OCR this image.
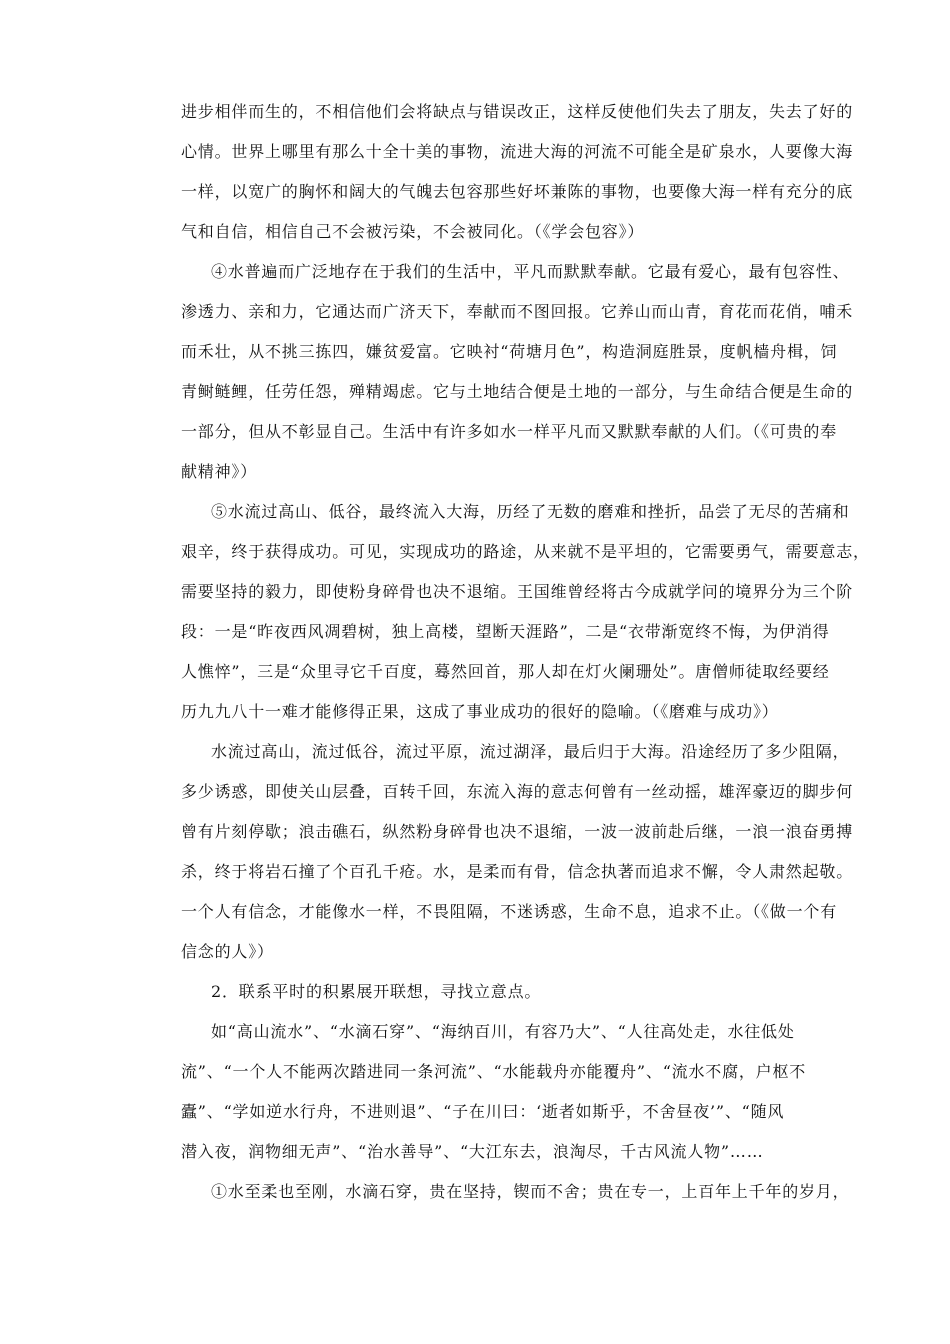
进步相伴而生的，不相信他们会将缺点与错误改正，这样反使他们失去了朋友，失去了好的
心情。世界上哪里有那么十全十美的事物，流进大海的河流不可能全是矿泉水，人要像大海
一样，以宽广的胸怀和阔大的气魄去包容那些好坏兼陈的事物，也要像大海一样有充分的底
气和自信，相信自己不会被污染，不会被同化。（《学会包容》）
④水普遍而广泛地存在于我们的生活中，平凡而默默奉献。它最有爱心，最有包容性、
渗透力、亲和力，它通达而广济天下，奉献而不图回报。它养山而山青，育花而花俏，哺禾
而禾壮，从不挑三拣四，嫌贫爱富。它映衬“荷塘月色”，构造洞庭胜景，度帆樯舟楫，饲
青鲥鲢鲤，任劳任怨，殚精竭虑。它与土地结合便是土地的一部分，与生命结合便是生命的
一部分，但从不彰显自己。生活中有许多如水一样平凡而又默默奉献的人们。（《可贵的奉
献精神》）
⑤水流过高山、低谷，最终流入大海，历经了无数的磨难和挫折，品尝了无尽的苦痛和
艰辛，终于获得成功。可见，实现成功的路途，从来就不是平坦的，它需要勇气，需要意志，
需要坚持的毅力，即使粉身碎骨也决不退缩。王国维曾经将古今成就学问的境界分为三个阶
段：一是“昨夜西风凋碧树，独上高楼，望断天涯路”，二是“衣带渐宽终不悔，为伊消得
人憔悴”，三是“众里寻它千百度，蓦然回首，那人却在灯火阑珊处”。唐僧师徒取经要经
历九九八十一难才能修得正果，这成了事业成功的很好的隐喻。（《磨难与成功》）
水流过高山，流过低谷，流过平原，流过湖泽，最后归于大海。沿途经历了多少阻隔，
多少诱惑，即使关山层叠，百转千回，东流入海的意志何曾有一丝动摇，雄浑豪迈的脚步何
曾有片刻停歇；浪击礁石，纵然粉身碎骨也决不退缩，一波一波前赴后继，一浪一浪奋勇搏
杀，终于将岩石撞了个百孔千疮。水，是柔而有骨，信念执著而追求不懈，令人肃然起敬。
一个人有信念，才能像水一样，不畏阻隔，不迷诱惑，生命不息，追求不止。（《做一个有
信念的人》）
2．联系平时的积累展开联想，寻找立意点。
如“高山流水”、“水滴石穿”、“海纳百川，有容乃大”、“人往高处走，水往低处
流”、“一个人不能两次踏进同一条河流”、“水能载舟亦能覆舟”、“流水不腐，户枢不
蠹”、“学如逆水行舟，不进则退”、“子在川曰：‘逝者如斯乎，不舍昼夜’”、“随风
潜入夜，润物细无声”、“治水善导”、“大江东去，浪淘尽，千古风流人物”……
①水至柔也至刚，水滴石穿，贵在坚持，锲而不舍；贵在专一，上百年上千年的岁月，
